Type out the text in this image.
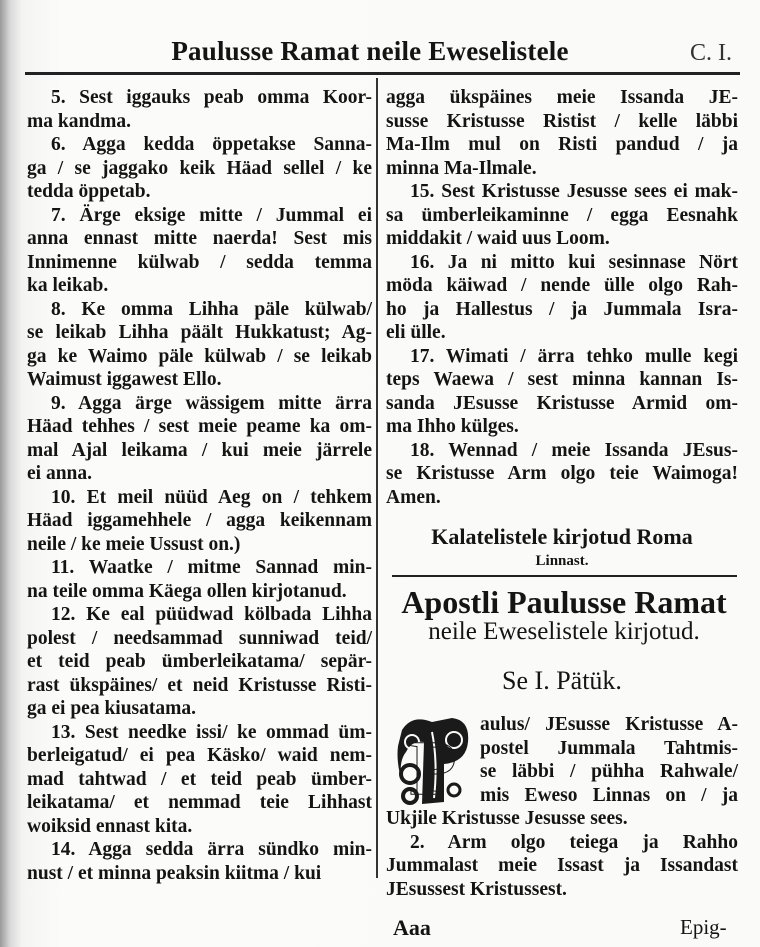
Paulusse Ramat neile Eweselistele	C. I.
5. Sest iggauks peab omma Koor-
ma kandma.
6. Agga kedda öppetakse Sanna-
ga / se jaggako keik Häad sellel / ke
tedda öppetab.
7. Ärge eksige mitte / Jummal ei
anna ennast mitte naerda! Sest mis
Innimenne külwab / sedda temma
ka leikab.
8. Ke omma Lihha päle külwab/
se leikab Lihha päält Hukkatust; Ag-
ga ke Waimo päle külwab / se leikab
Waimust iggawest Ello.
9. Agga ärge wässigem mitte ärra
Häad tehhes / sest meie peame ka om-
mal Ajal leikama / kui meie järrele
ei anna.
10. Et meil nüüd Aeg on / tehkem
Häad iggamehhele / agga keikennam
neile / ke meie Ussust on.)
11. Waatke / mitme Sannad min-
na teile omma Käega ollen kirjotanud.
12. Ke eal püüdwad kölbada Lihha
polest / needsammad sunniwad teid/
et teid peab ümberleikatama/ sepär-
rast ükspäines/ et neid Kristusse Risti-
ga ei pea kiusatama.
13. Sest needke issi/ ke ommad üm-
berleigatud/ ei pea Käsko/ waid nem-
mad tahtwad / et teid peab ümber-
leikatama/ et nemmad teie Lihhast
woiksid ennast kita.
14. Agga sedda ärra sündko min-
nust / et minna peaksin kiitma / kui
agga ükspäines meie Issanda JE-
susse Kristusse Ristist / kelle läbbi
Ma-Ilm mul on Risti pandud / ja
minna Ma-Ilmale.
15. Sest Kristusse Jesusse sees ei mak-
sa ümberleikaminne / egga Eesnahk
middakit / waid uus Loom.
16. Ja ni mitto kui sesinnase Nört
möda käiwad / nende ülle olgo Rah-
ho ja Hallestus / ja Jummala Isra-
eli ülle.
17. Wimati / ärra tehko mulle kegi
teps Waewa / sest minna kannan Is-
sanda JEsusse Kristusse Armid om-
ma Ihho külges.
18. Wennad / meie Issanda JEsus-
se Kristusse Arm olgo teie Waimoga!
Amen.
Kalatelistele kirjotud Roma
Linnast.
Apostli Paulusse Ramat
neile Eweselistele kirjotud.
Se I. Pätük.
P	aulus/ JEsusse Kristusse A-
postel Jummala Tahtmis-
se läbbi / pühha Rahwale/
mis Eweso Linnas on / ja
Ukjile Kristusse Jesusse sees.
2. Arm olgo teiega ja Rahho
Jummalast meie Issast ja Issandast
JEsussest Kristussest.
Aaa	Epig-
